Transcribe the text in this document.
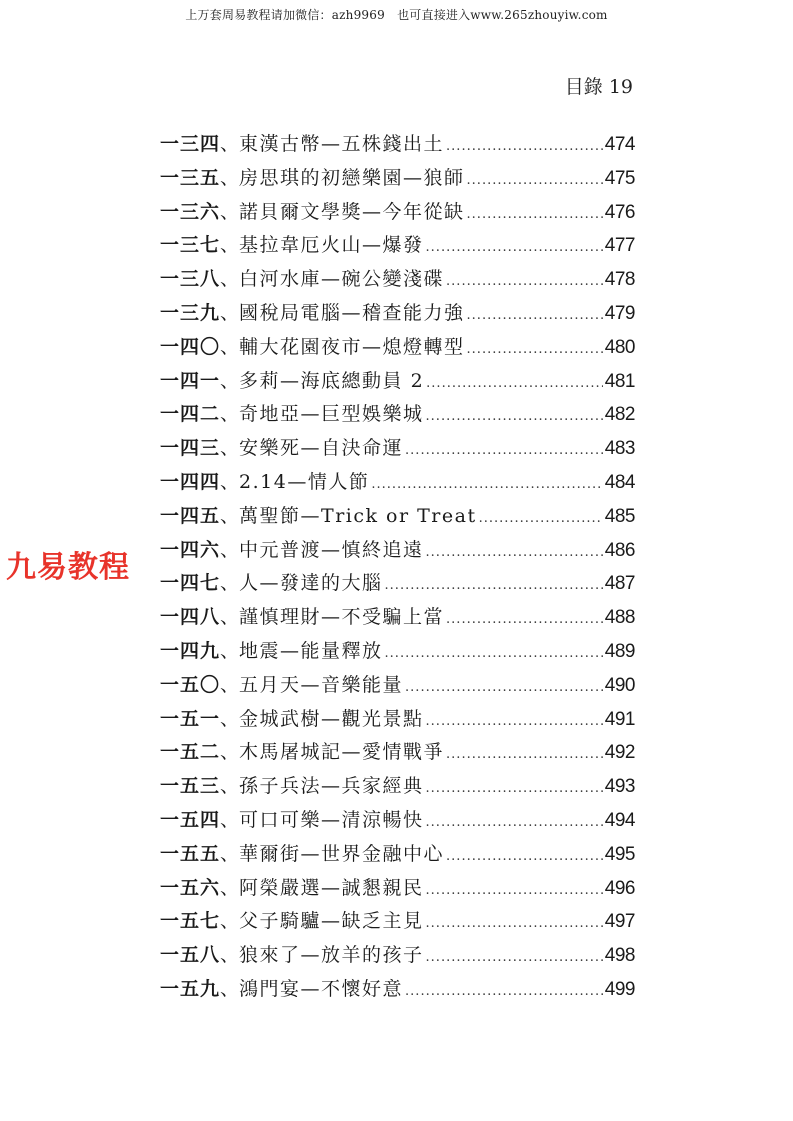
上万套周易教程请加微信：azh9969　也可直接进入www.265zhouyiw.com
目錄 19
九易教程
一三四 、 東漢古幣—五株錢出土 .....	474
一三五 、 房思琪的初戀樂園—狼師 .....	475
一三六 、 諾貝爾文學獎—今年從缺 .....	476
一三七 、 基拉韋厄火山—爆發 .....	477
一三八 、 白河水庫—碗公變淺碟 .....	478
一三九 、 國稅局電腦—稽查能力強 .....	479
一四〇 、 輔大花園夜市—熄燈轉型 .....	480
一四一 、 多莉—海底總動員 2 .....	481
一四二 、 奇地亞—巨型娛樂城 .....	482
一四三 、 安樂死—自決命運 .....	483
一四四 、 2.14—情人節 .....	484
一四五 、 萬聖節—Trick or Treat .....	485
一四六 、 中元普渡—慎終追遠 .....	486
一四七 、 人—發達的大腦 .....	487
一四八 、 謹慎理財—不受騙上當 .....	488
一四九 、 地震—能量釋放 .....	489
一五〇 、 五月天—音樂能量 .....	490
一五一 、 金城武樹—觀光景點 .....	491
一五二 、 木馬屠城記—愛情戰爭 .....	492
一五三 、 孫子兵法—兵家經典 .....	493
一五四 、 可口可樂—清涼暢快 .....	494
一五五 、 華爾街—世界金融中心 .....	495
一五六 、 阿榮嚴選—誠懇親民 .....	496
一五七 、 父子騎驢—缺乏主見 .....	497
一五八 、 狼來了—放羊的孩子 .....	498
一五九 、 鴻門宴—不懷好意 .....	499
